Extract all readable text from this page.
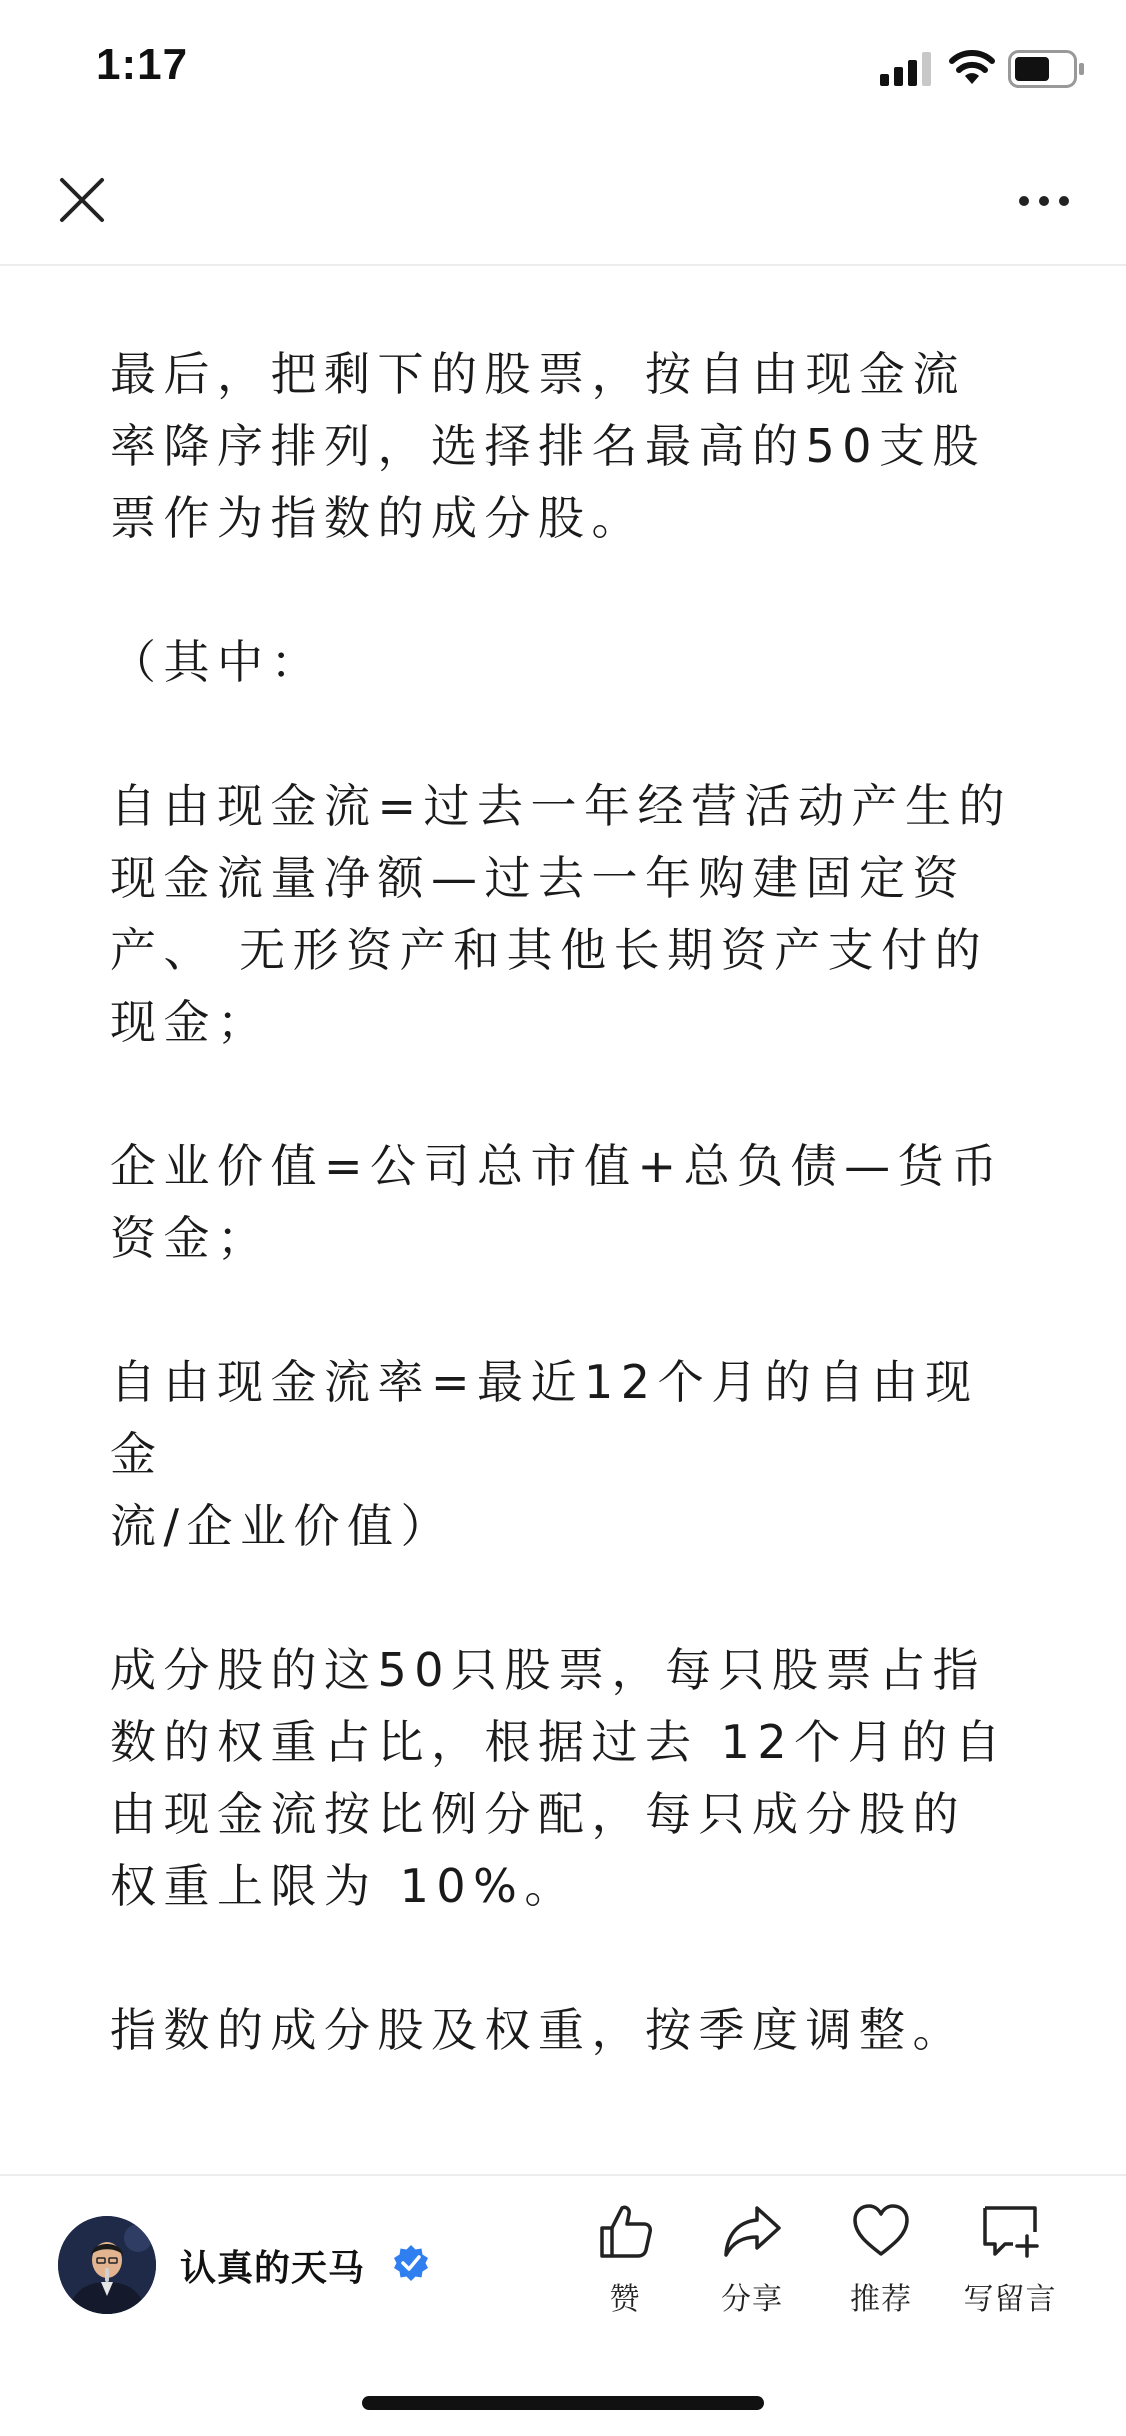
1:17

最后，把剩下的股票，按自由现金流

率降序排列，选择排名最高的50支股

票作为指数的成分股。

（其中：

自由现金流=过去一年经营活动产生的

现金流量净额—过去一年购建固定资

产、 无形资产和其他长期资产支付的

现金；

企业价值=公司总市值+总负债—货币

资金；

自由现金流率=最近12个月的自由现金

流/企业价值）

成分股的这50只股票，每只股票占指

数的权重占比，根据过去 12个月的自

由现金流按比例分配，每只成分股的

权重上限为 10%。

指数的成分股及权重，按季度调整。

认真的天马
赞	分享	推荐	写留言
